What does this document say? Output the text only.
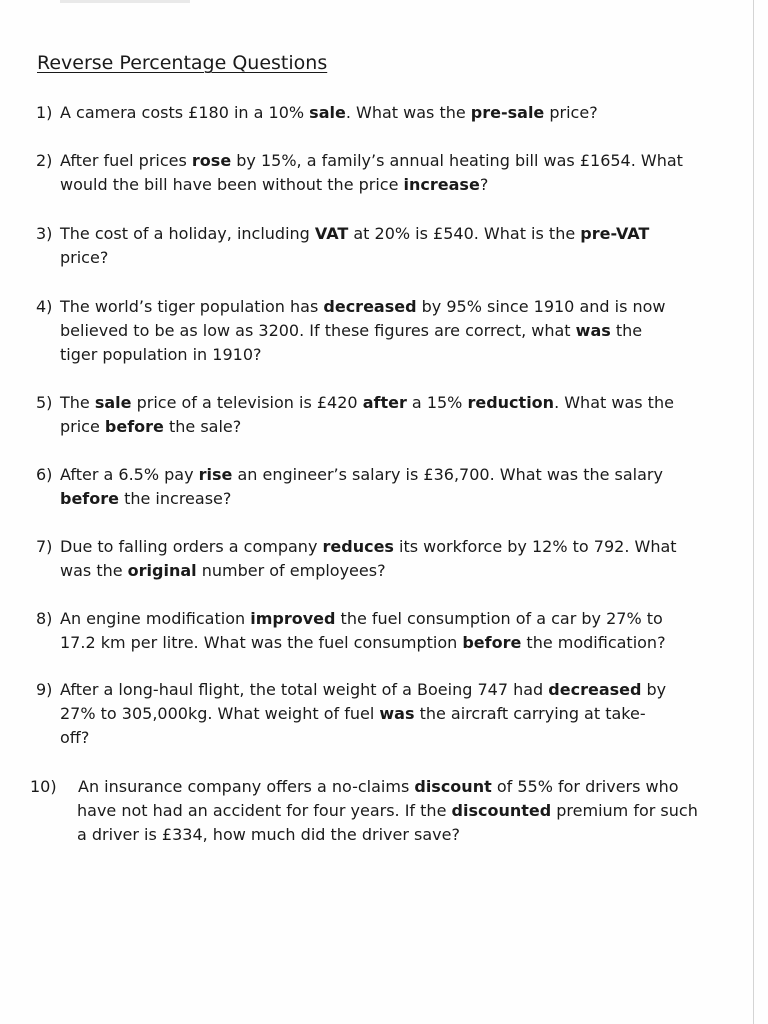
Reverse Percentage Questions
1) A camera costs £180 in a 10% sale. What was the pre-sale price?
2) After fuel prices rose by 15%, a family’s annual heating bill was £1654. What
would the bill have been without the price increase?
3) The cost of a holiday, including VAT at 20% is £540. What is the pre-VAT
price?
4) The world’s tiger population has decreased by 95% since 1910 and is now
believed to be as low as 3200. If these figures are correct, what was the
tiger population in 1910?
5) The sale price of a television is £420 after a 15% reduction. What was the
price before the sale?
6) After a 6.5% pay rise an engineer’s salary is £36,700. What was the salary
before the increase?
7) Due to falling orders a company reduces its workforce by 12% to 792. What
was the original number of employees?
8) An engine modification improved the fuel consumption of a car by 27% to
17.2 km per litre. What was the fuel consumption before the modification?
9) After a long-haul flight, the total weight of a Boeing 747 had decreased by
27% to 305,000kg. What weight of fuel was the aircraft carrying at take-
off?
10)	An insurance company offers a no-claims discount of 55% for drivers who
have not had an accident for four years. If the discounted premium for such
a driver is £334, how much did the driver save?
